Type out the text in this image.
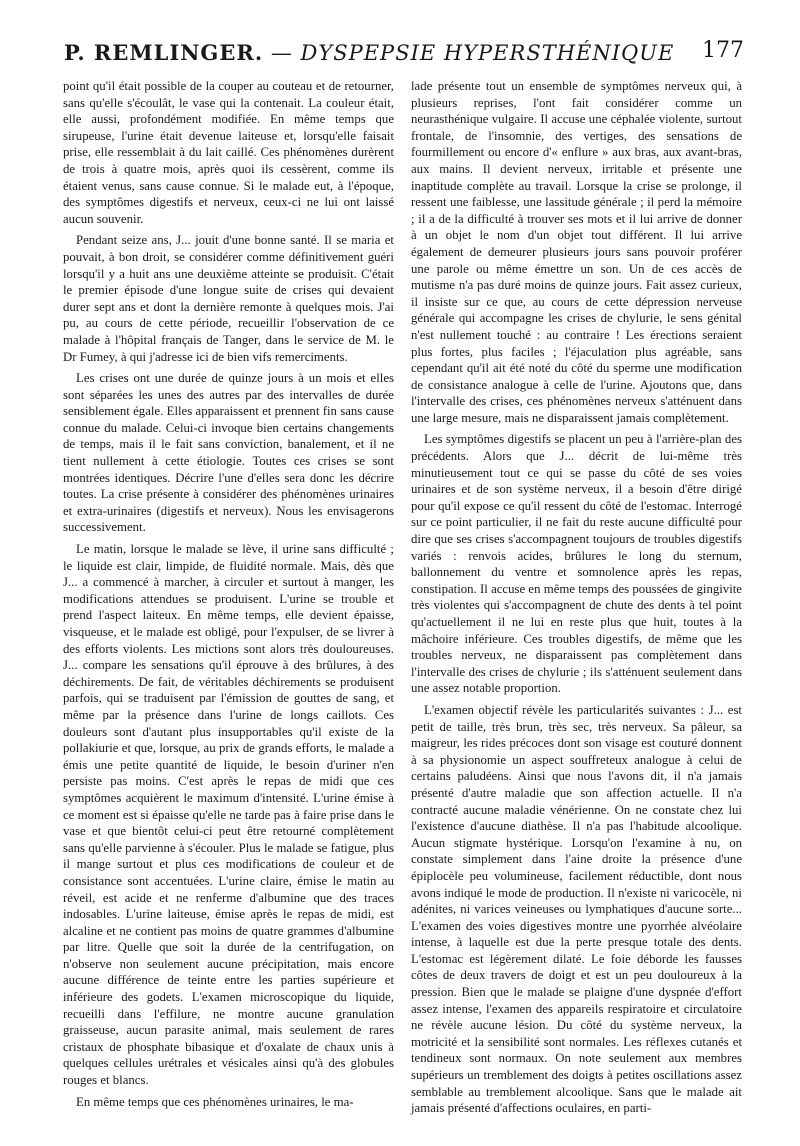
P. REMLINGER. — DYSPEPSIE HYPERSTHÉNIQUE 177

point qu'il était possible de la couper au couteau et de retourner, sans qu'elle s'écoulât, le vase qui la contenait. La couleur était, elle aussi, profondément modifiée. En même temps que sirupeuse, l'urine était devenue laiteuse et, lorsqu'elle faisait prise, elle ressemblait à du lait caillé. Ces phénomènes durèrent de trois à quatre mois, après quoi ils cessèrent, comme ils étaient venus, sans cause connue. Si le malade eut, à l'époque, des symptômes digestifs et nerveux, ceux-ci ne lui ont laissé aucun souvenir.

Pendant seize ans, J... jouit d'une bonne santé. Il se maria et pouvait, à bon droit, se considérer comme définitivement guéri lorsqu'il y a huit ans une deuxième atteinte se produisit. C'était le premier épisode d'une longue suite de crises qui devaient durer sept ans et dont la dernière remonte à quelques mois. J'ai pu, au cours de cette période, recueillir l'observation de ce malade à l'hôpital français de Tanger, dans le service de M. le Dr Fumey, à qui j'adresse ici de bien vifs remerciments.

Les crises ont une durée de quinze jours à un mois et elles sont séparées les unes des autres par des intervalles de durée sensiblement égale. Elles apparaissent et prennent fin sans cause connue du malade. Celui-ci invoque bien certains changements de temps, mais il le fait sans conviction, banalement, et il ne tient nullement à cette étiologie. Toutes ces crises se sont montrées identiques. Décrire l'une d'elles sera donc les décrire toutes. La crise présente à considérer des phénomènes urinaires et extra-urinaires (digestifs et nerveux). Nous les envisagerons successivement.

Le matin, lorsque le malade se lève, il urine sans difficulté ; le liquide est clair, limpide, de fluidité normale. Mais, dès que J... a commencé à marcher, à circuler et surtout à manger, les modifications attendues se produisent. L'urine se trouble et prend l'aspect laiteux. En même temps, elle devient épaisse, visqueuse, et le malade est obligé, pour l'expulser, de se livrer à des efforts violents. Les mictions sont alors très douloureuses. J... compare les sensations qu'il éprouve à des brûlures, à des déchirements. De fait, de véritables déchirements se produisent parfois, qui se traduisent par l'émission de gouttes de sang, et même par la présence dans l'urine de longs caillots. Ces douleurs sont d'autant plus insupportables qu'il existe de la pollakiurie et que, lorsque, au prix de grands efforts, le malade a émis une petite quantité de liquide, le besoin d'uriner n'en persiste pas moins. C'est après le repas de midi que ces symptômes acquièrent le maximum d'intensité. L'urine émise à ce moment est si épaisse qu'elle ne tarde pas à faire prise dans le vase et que bientôt celui-ci peut être retourné complètement sans qu'elle parvienne à s'écouler. Plus le malade se fatigue, plus il mange surtout et plus ces modifications de couleur et de consistance sont accentuées. L'urine claire, émise le matin au réveil, est acide et ne renferme d'albumine que des traces indosables. L'urine laiteuse, émise après le repas de midi, est alcaline et ne contient pas moins de quatre grammes d'albumine par litre. Quelle que soit la durée de la centrifugation, on n'observe non seulement aucune précipitation, mais encore aucune différence de teinte entre les parties supérieure et inférieure des godets. L'examen microscopique du liquide, recueilli dans l'effilure, ne montre aucune granulation graisseuse, aucun parasite animal, mais seulement de rares cristaux de phosphate bibasique et d'oxalate de chaux unis à quelques cellules urétrales et vésicales ainsi qu'à des globules rouges et blancs.

En même temps que ces phénomènes urinaires, le ma-

lade présente tout un ensemble de symptômes nerveux qui, à plusieurs reprises, l'ont fait considérer comme un neurasthénique vulgaire. Il accuse une céphalée violente, surtout frontale, de l'insomnie, des vertiges, des sensations de fourmillement ou encore d'« enflure » aux bras, aux avant-bras, aux mains. Il devient nerveux, irritable et présente une inaptitude complète au travail. Lorsque la crise se prolonge, il ressent une faiblesse, une lassitude générale ; il perd la mémoire ; il a de la difficulté à trouver ses mots et il lui arrive de donner à un objet le nom d'un objet tout différent. Il lui arrive également de demeurer plusieurs jours sans pouvoir proférer une parole ou même émettre un son. Un de ces accès de mutisme n'a pas duré moins de quinze jours. Fait assez curieux, il insiste sur ce que, au cours de cette dépression nerveuse générale qui accompagne les crises de chylurie, le sens génital n'est nullement touché : au contraire ! Les érections seraient plus fortes, plus faciles ; l'éjaculation plus agréable, sans cependant qu'il ait été noté du côté du sperme une modification de consistance analogue à celle de l'urine. Ajoutons que, dans l'intervalle des crises, ces phénomènes nerveux s'atténuent dans une large mesure, mais ne disparaissent jamais complètement.

Les symptômes digestifs se placent un peu à l'arrière-plan des précédents. Alors que J... décrit de lui-même très minutieusement tout ce qui se passe du côté de ses voies urinaires et de son système nerveux, il a besoin d'être dirigé pour qu'il expose ce qu'il ressent du côté de l'estomac. Interrogé sur ce point particulier, il ne fait du reste aucune difficulté pour dire que ses crises s'accompagnent toujours de troubles digestifs variés : renvois acides, brûlures le long du sternum, ballonnement du ventre et somnolence après les repas, constipation. Il accuse en même temps des poussées de gingivite très violentes qui s'accompagnent de chute des dents à tel point qu'actuellement il ne lui en reste plus que huit, toutes à la mâchoire inférieure. Ces troubles digestifs, de même que les troubles nerveux, ne disparaissent pas complètement dans l'intervalle des crises de chylurie ; ils s'atténuent seulement dans une assez notable proportion.

L'examen objectif révèle les particularités suivantes : J... est petit de taille, très brun, très sec, très nerveux. Sa pâleur, sa maigreur, les rides précoces dont son visage est couturé donnent à sa physionomie un aspect souffreteux analogue à celui de certains paludéens. Ainsi que nous l'avons dit, il n'a jamais présenté d'autre maladie que son affection actuelle. Il n'a contracté aucune maladie vénérienne. On ne constate chez lui l'existence d'aucune diathèse. Il n'a pas l'habitude alcoolique. Aucun stigmate hystérique. Lorsqu'on l'examine à nu, on constate simplement dans l'aine droite la présence d'une épiplocèle peu volumineuse, facilement réductible, dont nous avons indiqué le mode de production. Il n'existe ni varicocèle, ni adénites, ni varices veineuses ou lymphatiques d'aucune sorte... L'examen des voies digestives montre une pyorrhée alvéolaire intense, à laquelle est due la perte presque totale des dents. L'estomac est légèrement dilaté. Le foie déborde les fausses côtes de deux travers de doigt et est un peu douloureux à la pression. Bien que le malade se plaigne d'une dyspnée d'effort assez intense, l'examen des appareils respiratoire et circulatoire ne révèle aucune lésion. Du côté du système nerveux, la motricité et la sensibilité sont normales. Les réflexes cutanés et tendineux sont normaux. On note seulement aux membres supérieurs un tremblement des doigts à petites oscillations assez semblable au tremblement alcoolique. Sans que le malade ait jamais présenté d'affections oculaires, en parti-
